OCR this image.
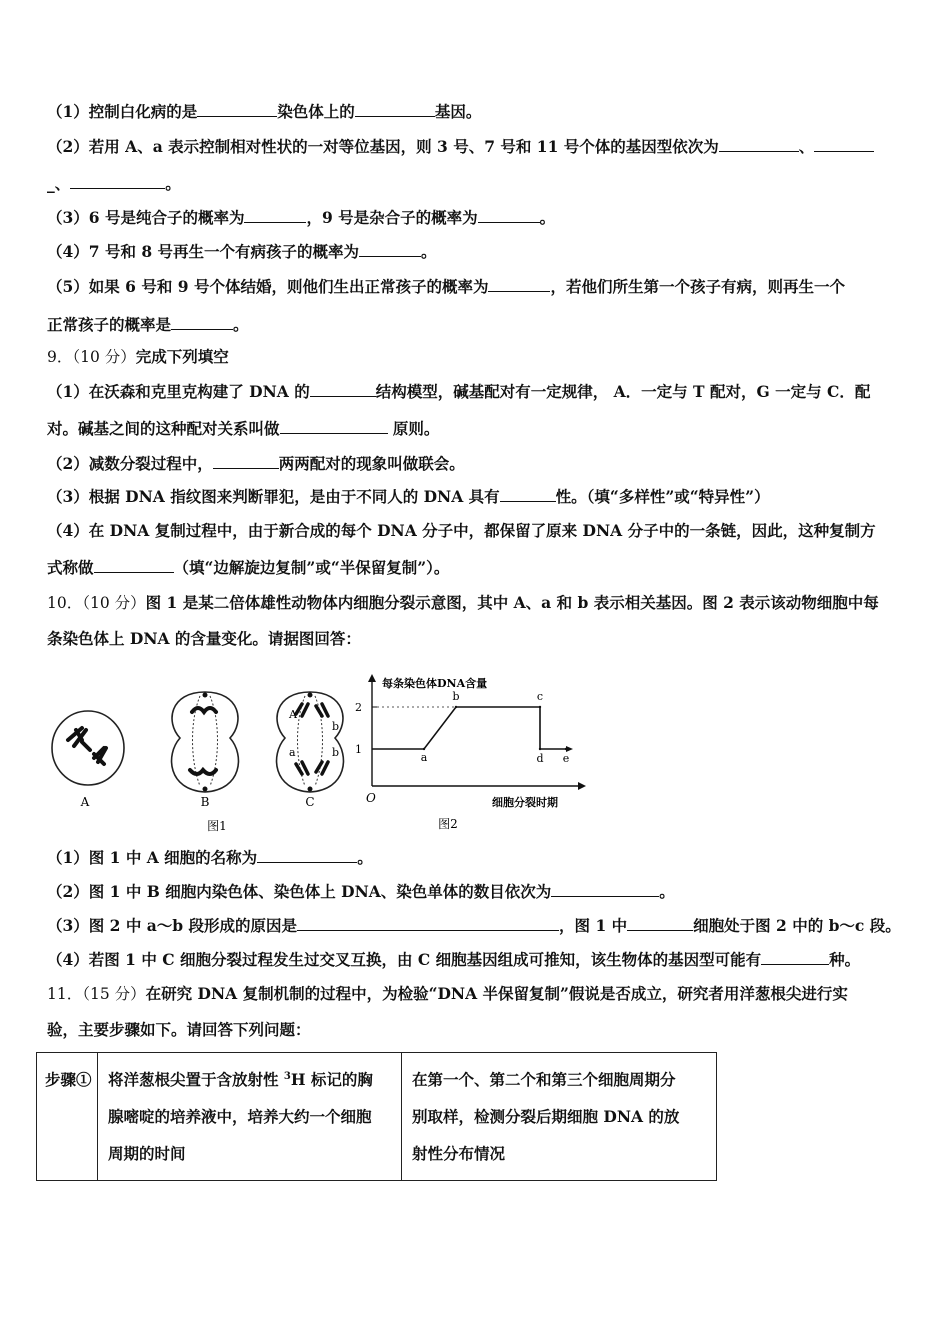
（1）控制白化病的是	染色体上的	基因。
（2）若用 A、a 表示控制相对性状的一对等位基因，则 3 号、7 号和 11 号个体的基因型依次为	、
_、	。
（3）6 号是纯合子的概率为	，9 号是杂合子的概率为	。
（4）7 号和 8 号再生一个有病孩子的概率为	。
（5）如果 6 号和 9 号个体结婚，则他们生出正常孩子的概率为	，若他们所生第一个孩子有病，则再生一个
正常孩子的概率是	。
9．（10 分）完成下列填空
（1）在沃森和克里克构建了 DNA 的	结构模型，碱基配对有一定规律， A．一定与 T 配对，G 一定与 C．配
对。碱基之间的这种配对关系叫做	原则。
（2）减数分裂过程中，	两两配对的现象叫做联会。
（3）根据 DNA 指纹图来判断罪犯，是由于不同人的 DNA 具有	性。（填“多样性”或“特异性”）
（4）在 DNA 复制过程中，由于新合成的每个 DNA 分子中，都保留了原来 DNA 分子中的一条链，因此，这种复制方
式称做	（填“边解旋边复制”或“半保留复制”）。
10．（10 分）图 1 是某二倍体雄性动物体内细胞分裂示意图，其中 A、a 和 b 表示相关基因。图 2 表示该动物细胞中每
条染色体上 DNA 的含量变化。请据图回答：
A	B
A
a
b
b
C
图1
每条染色体DNA含量
细胞分裂时期
O
1
2
a
b	c
d e
图2
（1）图 1 中 A 细胞的名称为	。
（2）图 1 中 B 细胞内染色体、染色体上 DNA、染色单体的数目依次为	。
（3）图 2 中 a～b 段形成的原因是	，图 1 中	细胞处于图 2 中的 b～c 段。
（4）若图 1 中 C 细胞分裂过程发生过交叉互换，由 C 细胞基因组成可推知，该生物体的基因型可能有	种。
11．（15 分）在研究 DNA 复制机制的过程中，为检验“DNA 半保留复制”假说是否成立，研究者用洋葱根尖进行实
验，主要步骤如下。请回答下列问题：
步骤①	将洋葱根尖置于含放射性 $^3$H 标记的胸
腺嘧啶的培养液中，培养大约一个细胞
周期的时间

在第一个、第二个和第三个细胞周期分
别取样，检测分裂后期细胞 DNA 的放
射性分布情况
